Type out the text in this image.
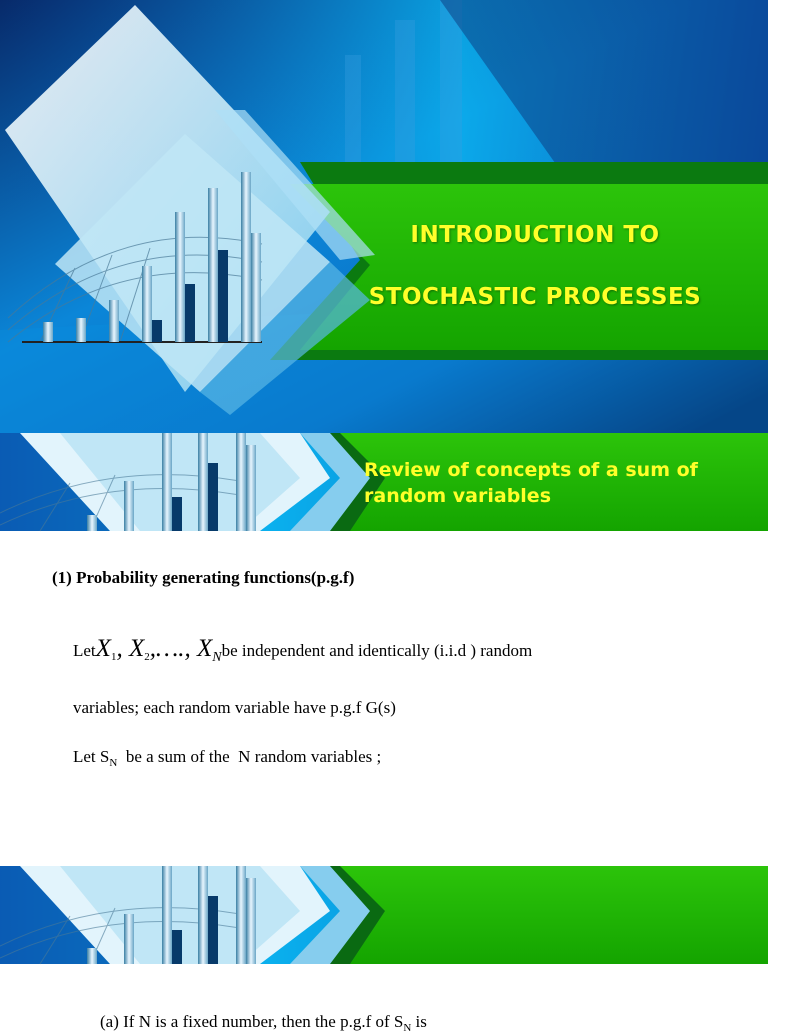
INTRODUCTION TO
STOCHASTIC PROCESSES
Review of concepts of a sum of random variables
(1) Probability generating functions(p.g.f)
LetX$_1$, $X_2,\dots$., $X_Nbe$ independent and identically (i.i.d ) random
variables; each random variable have p.g.f G(s)
Let $S_N$  be a sum of the  N random variables ;
(a) If N is a fixed number, then the p.g.f of $S_N$ is
